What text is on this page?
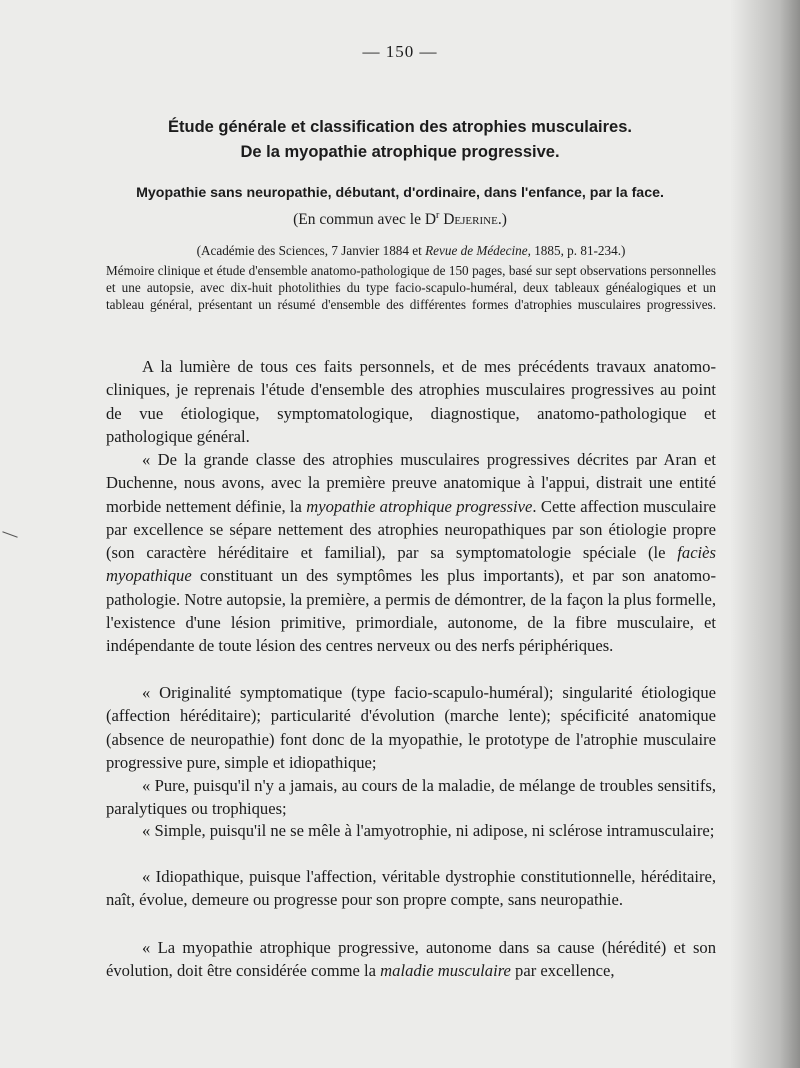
— 150 —
Étude générale et classification des atrophies musculaires.
De la myopathie atrophique progressive.
Myopathie sans neuropathie, débutant, d'ordinaire, dans l'enfance, par la face.
(En commun avec le $D^r$ Dejerine.)
(Académie des Sciences, 7 Janvier 1884 et Revue de Médecine, 1885, p. 81-234.)
Mémoire clinique et étude d'ensemble anatomo-pathologique de 150 pages, basé sur sept observations personnelles et une autopsie, avec dix-huit photolithies du type facio-scapulo-huméral, deux tableaux généalogiques et un tableau général, présentant un résumé d'ensemble des différentes formes d'atrophies musculaires progressives.
A la lumière de tous ces faits personnels, et de mes précédents travaux anatomo-cliniques, je reprenais l'étude d'ensemble des atrophies musculaires progressives au point de vue étiologique, symptomatologique, diagnostique, anatomo-pathologique et pathologique général.
« De la grande classe des atrophies musculaires progressives décrites par Aran et Duchenne, nous avons, avec la première preuve anatomique à l'appui, distrait une entité morbide nettement définie, la myopathie atrophique progressive. Cette affection musculaire par excellence se sépare nettement des atrophies neuropathiques par son étiologie propre (son caractère héréditaire et familial), par sa symptomatologie spéciale (le faciès myopathique constituant un des symptômes les plus importants), et par son anatomo-pathologie. Notre autopsie, la première, a permis de démontrer, de la façon la plus formelle, l'existence d'une lésion primitive, primordiale, autonome, de la fibre musculaire, et indépendante de toute lésion des centres nerveux ou des nerfs périphériques.
« Originalité symptomatique (type facio-scapulo-huméral); singularité étiologique (affection héréditaire); particularité d'évolution (marche lente); spécificité anatomique (absence de neuropathie) font donc de la myopathie, le prototype de l'atrophie musculaire progressive pure, simple et idiopathique;
« Pure, puisqu'il n'y a jamais, au cours de la maladie, de mélange de troubles sensitifs, paralytiques ou trophiques;
« Simple, puisqu'il ne se mêle à l'amyotrophie, ni adipose, ni sclérose intramusculaire;
« Idiopathique, puisque l'affection, véritable dystrophie constitutionnelle, héréditaire, naît, évolue, demeure ou progresse pour son propre compte, sans neuropathie.
« La myopathie atrophique progressive, autonome dans sa cause (hérédité) et son évolution, doit être considérée comme la maladie musculaire par excellence,
